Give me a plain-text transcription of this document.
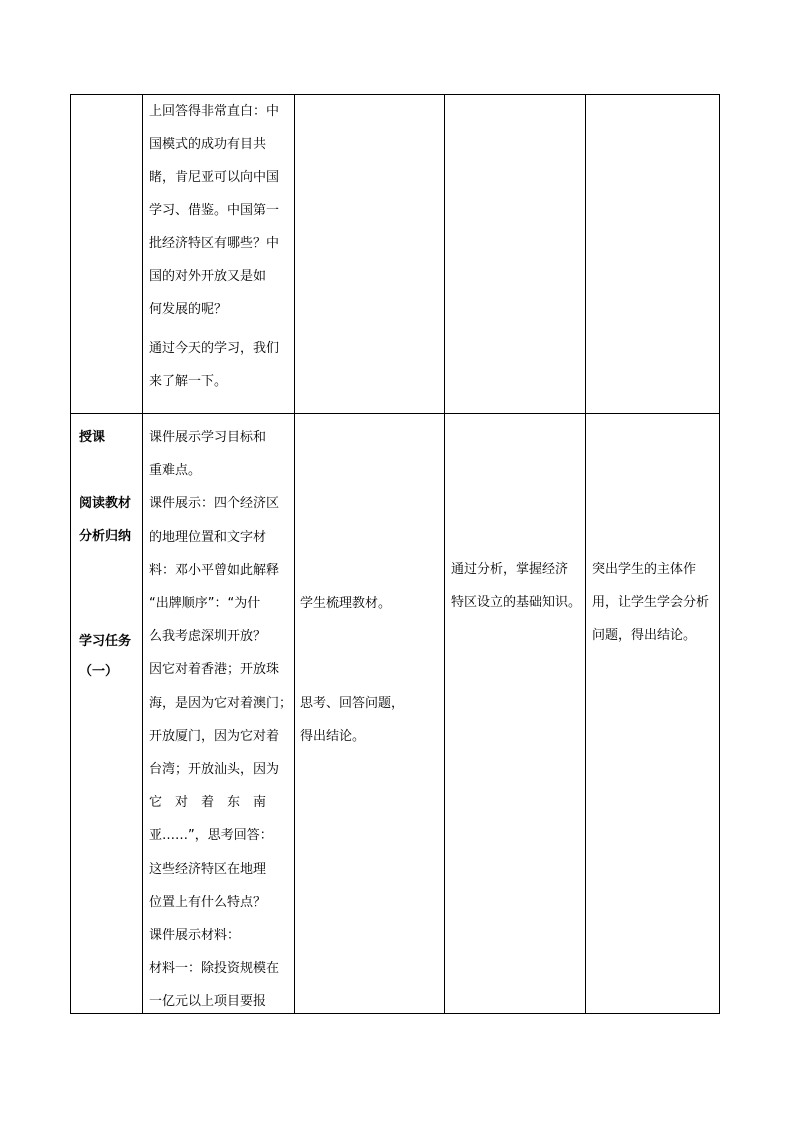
上回答得非常直白：中

国模式的成功有目共

睹，肯尼亚可以向中国

学习、借鉴。中国第一

批经济特区有哪些？中

国的对外开放又是如

何发展的呢？

通过今天的学习，我们

来了解一下。

授课
阅读教材
分析归纳
学习任务
（一）

课件展示学习目标和

重难点。

课件展示：四个经济区

的地理位置和文字材

料：邓小平曾如此解释

“出牌顺序”：“为什

么我考虑深圳开放？

因它对着香港；开放珠

海，是因为它对着澳门；

开放厦门，因为它对着

台湾；开放汕头，因为

它　对　着　东　南

亚……”，思考回答：

这些经济特区在地理

位置上有什么特点？

课件展示材料：

材料一：除投资规模在

一亿元以上项目要报

学生梳理教材。
思考、回答问题，
得出结论。
通过分析，掌握经济
特区设立的基础知识。
突出学生的主体作
用，让学生学会分析
问题，得出结论。
